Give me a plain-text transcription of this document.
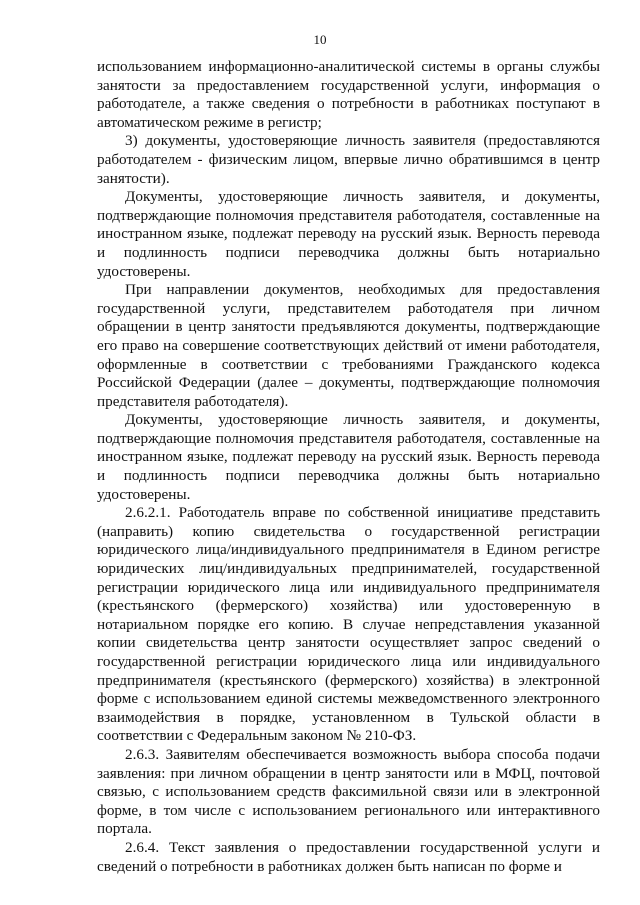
10

использованием информационно-аналитической системы в органы службы занятости за предоставлением государственной услуги, информация о работодателе, а также сведения о потребности в работниках поступают в автоматическом режиме в регистр;

3) документы, удостоверяющие личность заявителя (предоставляются работодателем - физическим лицом, впервые лично обратившимся в центр занятости).

Документы, удостоверяющие личность заявителя, и документы, подтверждающие полномочия представителя работодателя, составленные на иностранном языке, подлежат переводу на русский язык. Верность перевода и подлинность подписи переводчика должны быть нотариально удостоверены.

При направлении документов, необходимых для предоставления государственной услуги, представителем работодателя при личном обращении в центр занятости предъявляются документы, подтверждающие его право на совершение соответствующих действий от имени работодателя, оформленные в соответствии с требованиями Гражданского кодекса Российской Федерации (далее – документы, подтверждающие полномочия представителя работодателя).

Документы, удостоверяющие личность заявителя, и документы, подтверждающие полномочия представителя работодателя, составленные на иностранном языке, подлежат переводу на русский язык. Верность перевода и подлинность подписи переводчика должны быть нотариально удостоверены.

2.6.2.1. Работодатель вправе по собственной инициативе представить (направить) копию свидетельства о государственной регистрации юридического лица/индивидуального предпринимателя в Едином регистре юридических лиц/индивидуальных предпринимателей, государственной регистрации юридического лица или индивидуального предпринимателя (крестьянского (фермерского) хозяйства) или удостоверенную в нотариальном порядке его копию. В случае непредставления указанной копии свидетельства центр занятости осуществляет запрос сведений о государственной регистрации юридического лица или индивидуального предпринимателя (крестьянского (фермерского) хозяйства) в электронной форме с использованием единой системы межведомственного электронного взаимодействия в порядке, установленном в Тульской области в соответствии с Федеральным законом № 210-ФЗ.

2.6.3. Заявителям обеспечивается возможность выбора способа подачи заявления: при личном обращении в центр занятости или в МФЦ, почтовой связью, с использованием средств факсимильной связи или в электронной форме, в том числе с использованием регионального или интерактивного портала.

2.6.4. Текст заявления о предоставлении государственной услуги и сведений о потребности в работниках должен быть написан по форме и
